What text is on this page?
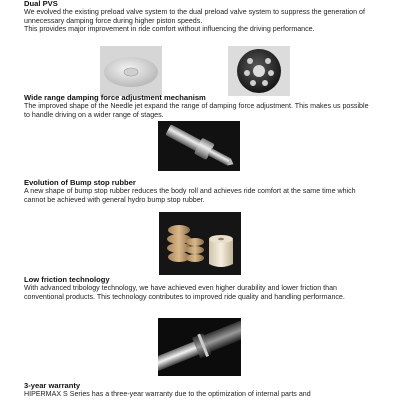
Dual PVS

We evolved the existing preload valve system to the dual preload valve system to suppress the generation of unnecessary damping force during higher piston speeds.

This provides major improvement in ride comfort without influencing the driving performance.

Wide range damping force adjustment mechanism

The improved shape of the Needle jet expand the range of damping force adjustment. This makes us possible to handle driving on a wider range of stages.

Evolution of Bump stop rubber

A new shape of bump stop rubber reduces the body roll and achieves ride comfort at the same time which cannot be achieved with general hydro bump stop rubber.

Low friction technology

With advanced tribology technology, we have achieved even higher durability and lower friction than conventional products. This technology contributes to improved ride quality and handling performance.

3-year warranty

HIPERMAX S Series has a three-year warranty due to the optimization of internal parts and
